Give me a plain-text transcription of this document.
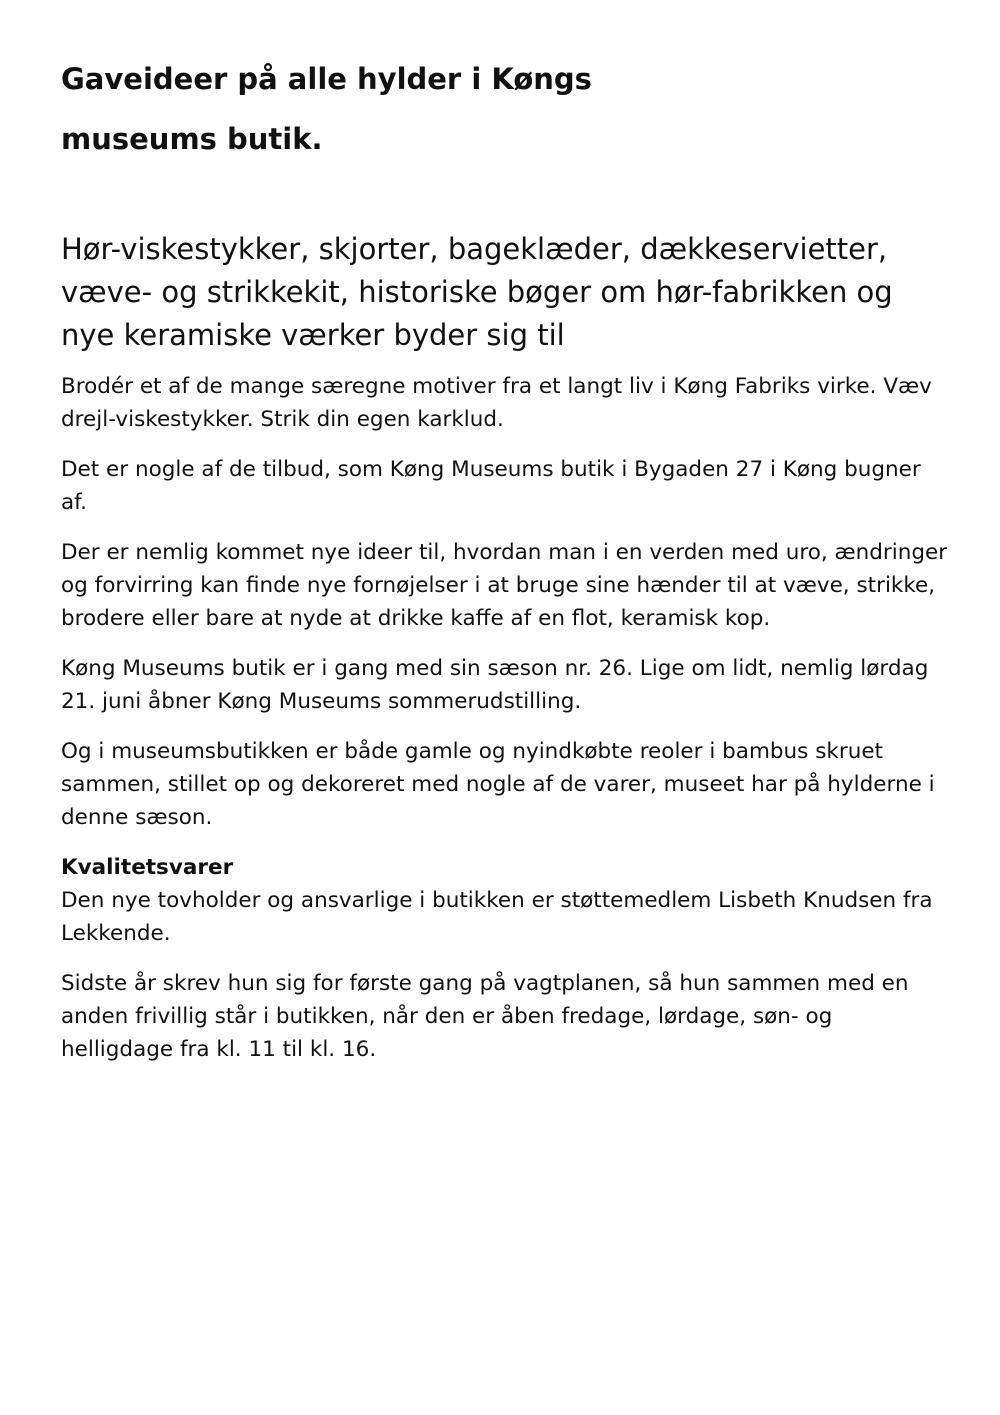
Gaveideer på alle hylder i Køngs
museums butik.
Hør-viskestykker, skjorter, bageklæder, dækkeservietter, væve- og strikkekit, historiske bøger om hør-fabrikken og nye keramiske værker byder sig til

Brodér et af de mange særegne motiver fra et langt liv i Køng Fabriks virke. Væv drejl-viskestykker. Strik din egen karklud.

Det er nogle af de tilbud, som Køng Museums butik i Bygaden 27 i Køng bugner af.

Der er nemlig kommet nye ideer til, hvordan man i en verden med uro, ændringer og forvirring kan finde nye fornøjelser i at bruge sine hænder til at væve, strikke, brodere eller bare at nyde at drikke kaffe af en flot, keramisk kop.

Køng Museums butik er i gang med sin sæson nr. 26. Lige om lidt, nemlig lørdag 21. juni åbner Køng Museums sommerudstilling.

Og i museumsbutikken er både gamle og nyindkøbte reoler i bambus skruet sammen, stillet op og dekoreret med nogle af de varer, museet har på hylderne i denne sæson.

Kvalitetsvarer

Den nye tovholder og ansvarlige i butikken er støttemedlem Lisbeth Knudsen fra Lekkende.

Sidste år skrev hun sig for første gang på vagtplanen, så hun sammen med en anden frivillig står i butikken, når den er åben fredage, lørdage, søn- og helligdage fra kl. 11 til kl. 16.
